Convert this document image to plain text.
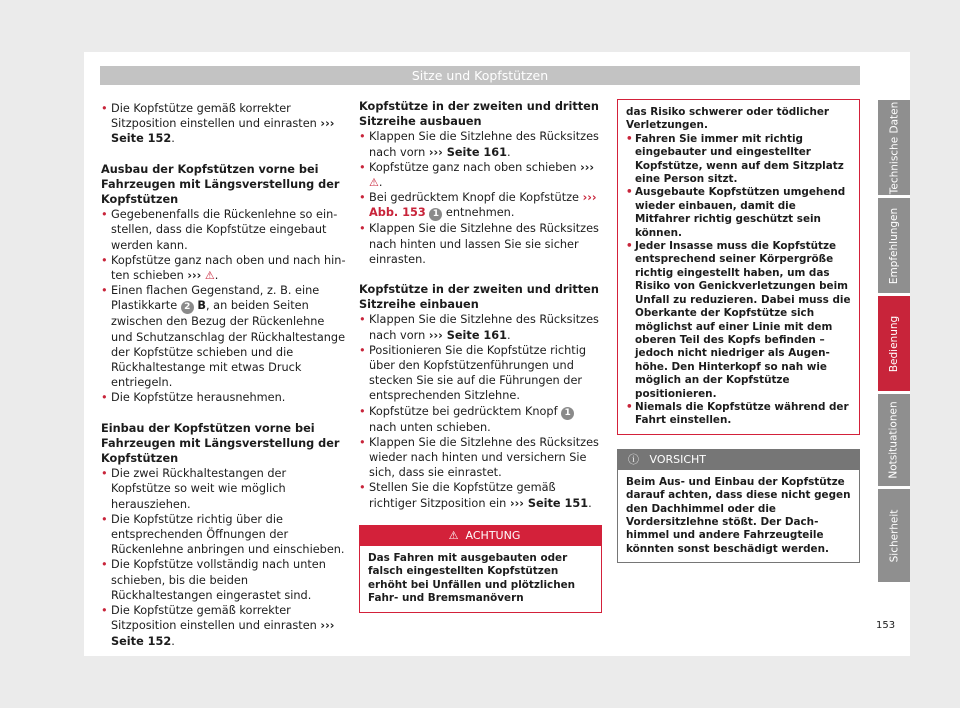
Sitze und Kopfstützen
• Die Kopfstütze gemäß korrekter Sitzposition einstellen und einrasten ››› Seite 152.
Ausbau der Kopfstützen vorne bei Fahrzeugen mit Längsverstellung der Kopfstützen
• Gegebenenfalls die Rückenlehne so einstellen, dass die Kopfstütze eingebaut werden kann.
• Kopfstütze ganz nach oben und nach hinten schieben ››› ⚠.
• Einen flachen Gegenstand, z. B. eine Plastikkarte 2 B, an beiden Seiten zwischen den Bezug der Rückenlehne und Schutzanschlag der Rückhaltestange der Kopfstütze schieben und die Rückhaltestange mit etwas Druck entriegeln.
• Die Kopfstütze herausnehmen.
Einbau der Kopfstützen vorne bei Fahrzeugen mit Längsverstellung der Kopfstützen
• Die zwei Rückhaltestangen der Kopfstütze so weit wie möglich herausziehen.
• Die Kopfstütze richtig über die entsprechenden Öffnungen der Rückenlehne anbringen und einschieben.
• Die Kopfstütze vollständig nach unten schieben, bis die beiden Rückhaltestangen eingerastet sind.
• Die Kopfstütze gemäß korrekter Sitzposition einstellen und einrasten ››› Seite 152.
Kopfstütze in der zweiten und dritten Sitzreihe ausbauen
• Klappen Sie die Sitzlehne des Rücksitzes nach vorn ››› Seite 161.
• Kopfstütze ganz nach oben schieben ››› ⚠.
• Bei gedrücktem Knopf die Kopfstütze ››› Abb. 153 1 entnehmen.
• Klappen Sie die Sitzlehne des Rücksitzes nach hinten und lassen Sie sie sicher einrasten.
Kopfstütze in der zweiten und dritten Sitzreihe einbauen
• Klappen Sie die Sitzlehne des Rücksitzes nach vorn ››› Seite 161.
• Positionieren Sie die Kopfstütze richtig über den Kopfstützenführungen und stecken Sie sie auf die Führungen der entsprechenden Sitzlehne.
• Kopfstütze bei gedrücktem Knopf 1 nach unten schieben.
• Klappen Sie die Sitzlehne des Rücksitzes wieder nach hinten und versichern Sie sich, dass sie einrastet.
• Stellen Sie die Kopfstütze gemäß richtiger Sitzposition ein ››› Seite 151.
⚠ ACHTUNG
Das Fahren mit ausgebauten oder falsch eingestellten Kopfstützen erhöht bei Unfällen und plötzlichen Fahr- und Bremsmanövern
das Risiko schwerer oder tödlicher Verletzungen.
• Fahren Sie immer mit richtig eingebauter und eingestellter Kopfstütze, wenn auf dem Sitzplatz eine Person sitzt.
• Ausgebaute Kopfstützen umgehend wieder einbauen, damit die Mitfahrer richtig geschützt sein können.
• Jeder Insasse muss die Kopfstütze entsprechend seiner Körpergröße richtig eingestellt haben, um das Risiko von Genickverletzungen beim Unfall zu reduzieren. Dabei muss die Oberkante der Kopfstütze sich möglichst auf einer Linie mit dem oberen Teil des Kopfs befinden – jedoch nicht niedriger als Augenhöhe. Den Hinterkopf so nah wie möglich an der Kopfstütze positionieren.
• Niemals die Kopfstütze während der Fahrt einstellen.
ⓘ VORSICHT
Beim Aus- und Einbau der Kopfstütze darauf achten, dass diese nicht gegen den Dachhimmel oder die Vordersitzlehne stößt. Der Dachhimmel und andere Fahrzeugteile könnten sonst beschädigt werden.
Technische Daten
Empfehlungen
Bedienung
Notsituationen
Sicherheit
153
